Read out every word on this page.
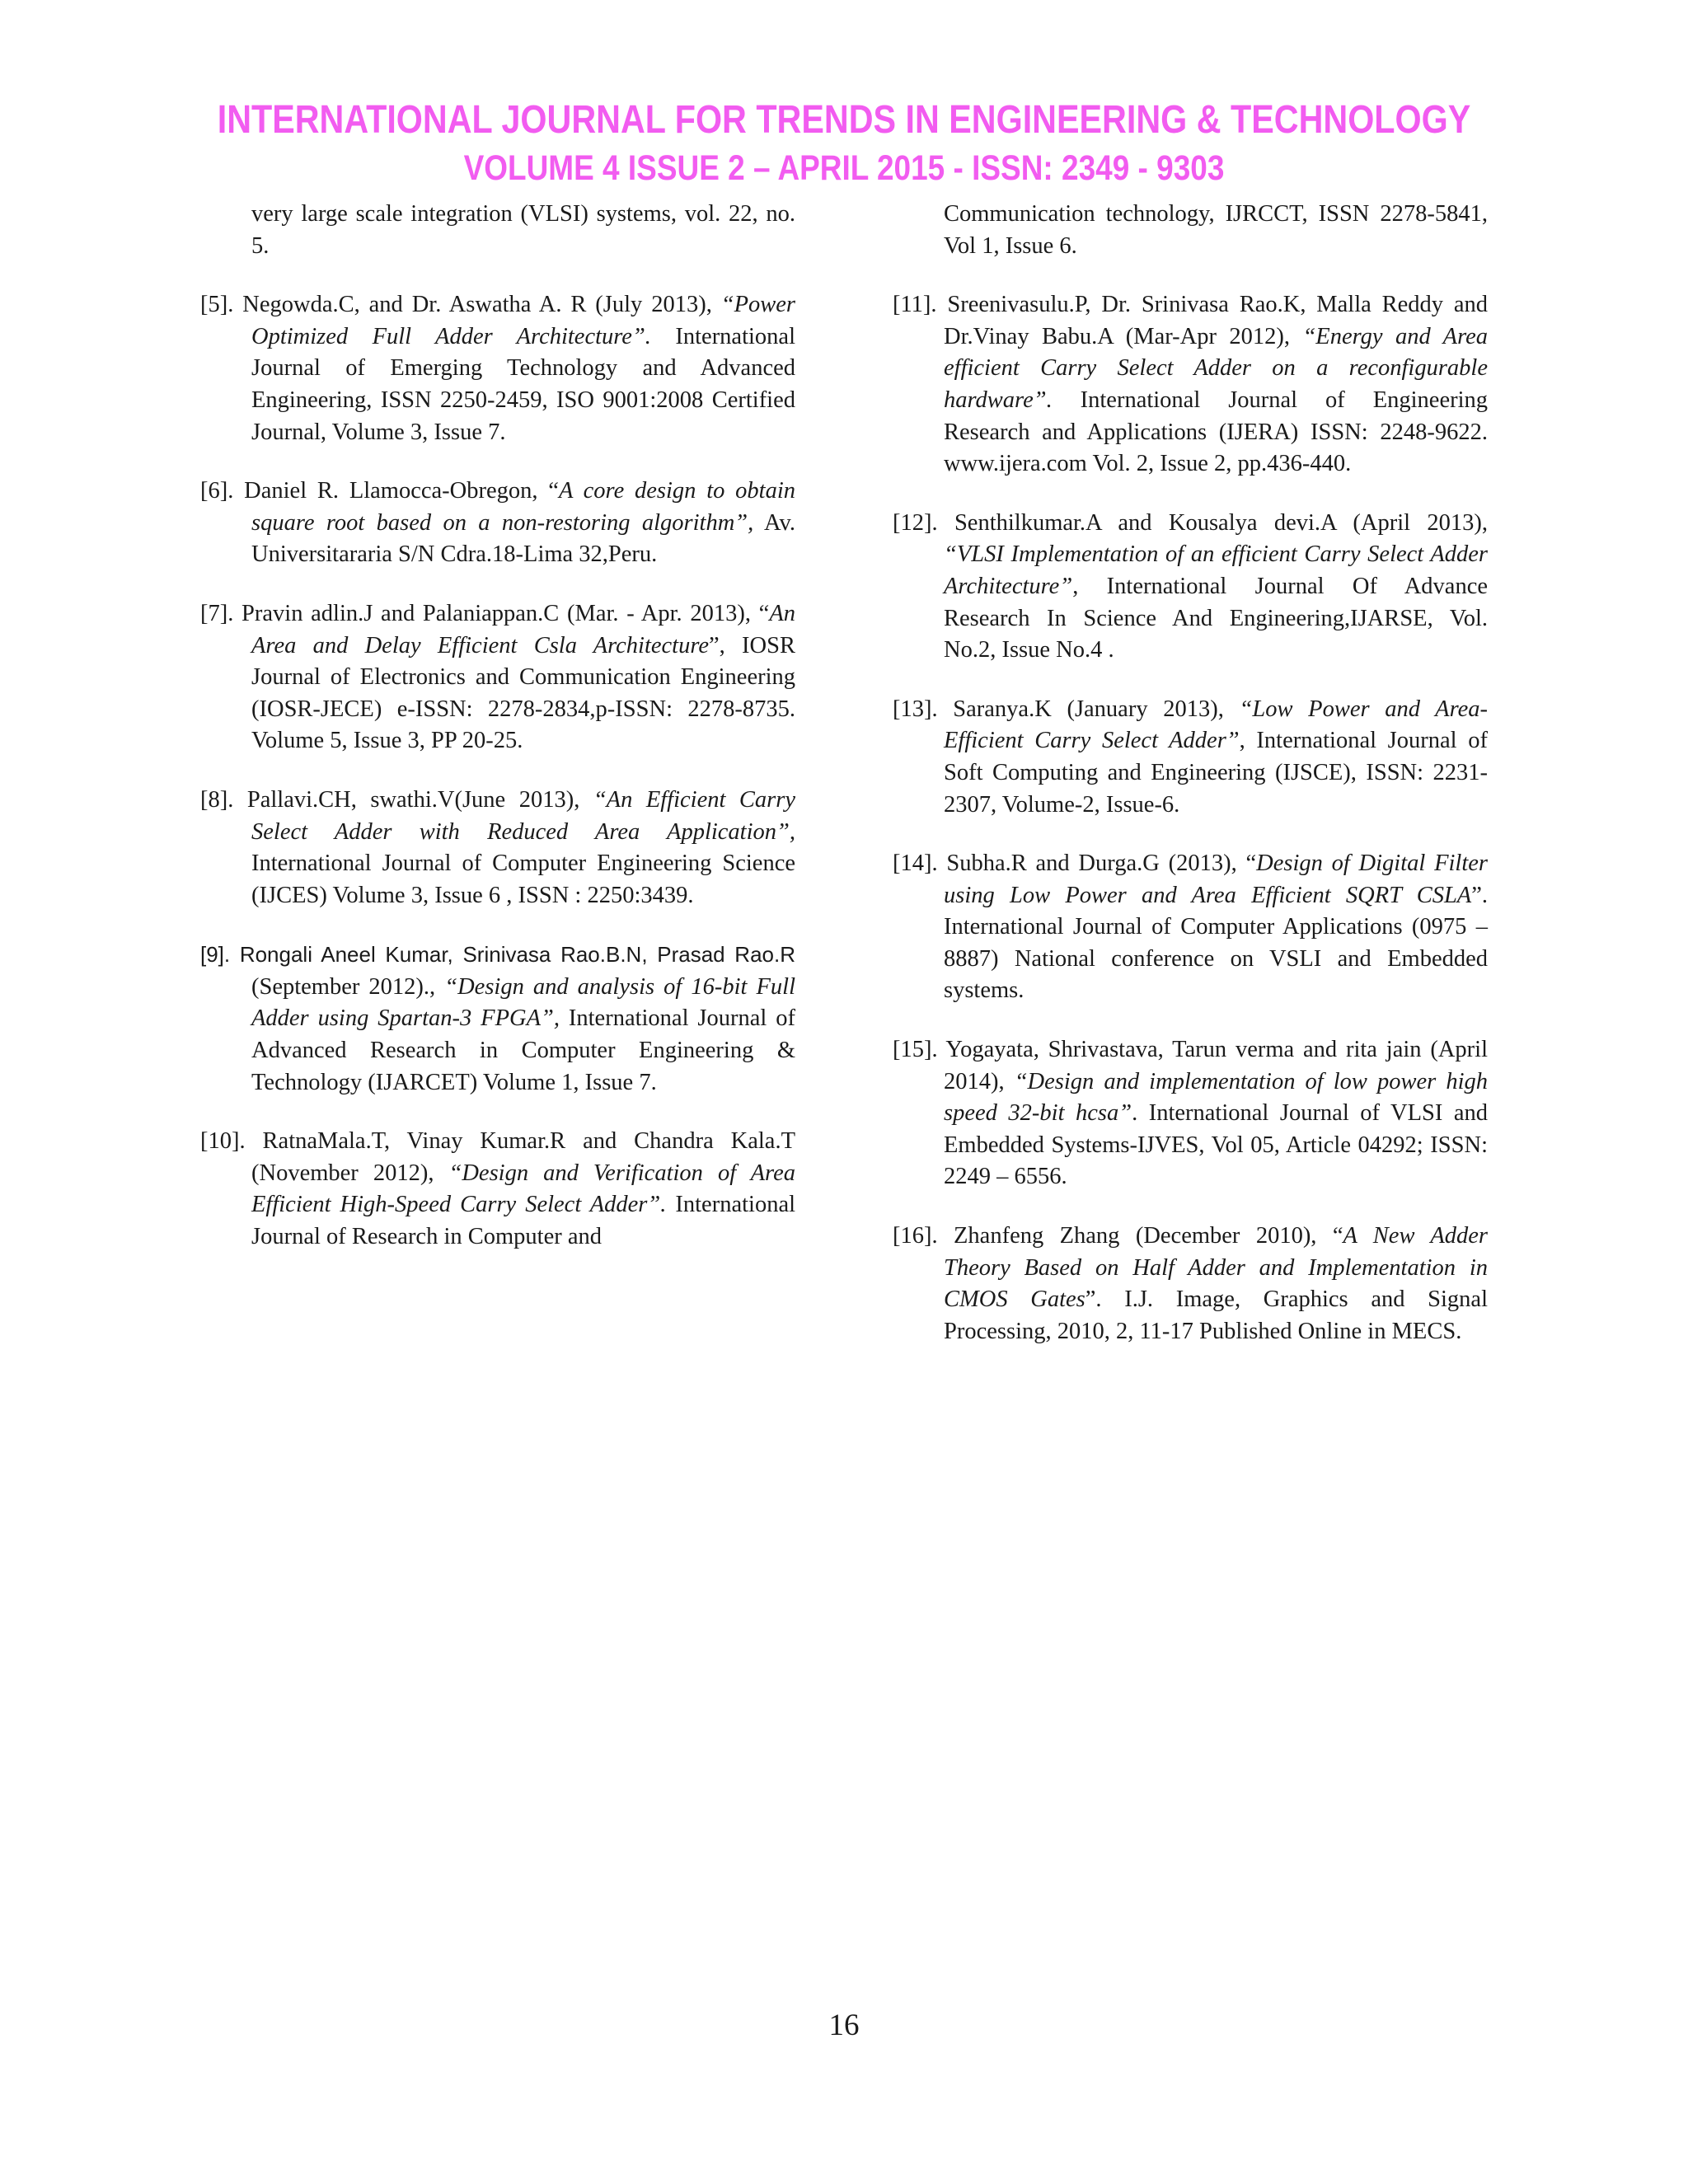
INTERNATIONAL JOURNAL FOR TRENDS IN ENGINEERING & TECHNOLOGY
VOLUME 4 ISSUE 2 – APRIL 2015 - ISSN: 2349 - 9303

very large scale integration (VLSI) systems, vol. 22, no. 5.

[5]. Negowda.C, and Dr. Aswatha A. R (July 2013), “Power Optimized Full Adder Architecture”. International Journal of Emerging Technology and Advanced Engineering, ISSN 2250-2459, ISO 9001:2008 Certified Journal, Volume 3, Issue 7.

[6]. Daniel R. Llamocca-Obregon, “A core design to obtain square root based on a non-restoring algorithm”, Av. Universitararia S/N Cdra.18-Lima 32,Peru.

[7]. Pravin adlin.J and Palaniappan.C (Mar. - Apr. 2013), “An Area and Delay Efficient Csla Architecture”, IOSR Journal of Electronics and Communication Engineering (IOSR-JECE) e-ISSN: 2278-2834,p-ISSN: 2278-8735. Volume 5, Issue 3, PP 20-25.

[8]. Pallavi.CH, swathi.V(June 2013), “An Efficient Carry Select Adder with Reduced Area Application”, International Journal of Computer Engineering Science (IJCES) Volume 3, Issue 6 , ISSN : 2250:3439.

[9]. Rongali Aneel Kumar, Srinivasa Rao.B.N, Prasad Rao.R (September 2012)., “Design and analysis of 16-bit Full Adder using Spartan-3 FPGA”, International Journal of Advanced Research in Computer Engineering & Technology (IJARCET) Volume 1, Issue 7.

[10]. RatnaMala.T, Vinay Kumar.R and Chandra Kala.T (November 2012), “Design and Verification of Area Efficient High-Speed Carry Select Adder”. International Journal of Research in Computer and

Communication technology, IJRCCT, ISSN 2278-5841, Vol 1, Issue 6.

[11]. Sreenivasulu.P, Dr. Srinivasa Rao.K, Malla Reddy and Dr.Vinay Babu.A (Mar-Apr 2012), “Energy and Area efficient Carry Select Adder on a reconfigurable hardware”. International Journal of Engineering Research and Applications (IJERA) ISSN: 2248-9622. www.ijera.com Vol. 2, Issue 2, pp.436-440.

[12]. Senthilkumar.A and Kousalya devi.A (April 2013), “VLSI Implementation of an efficient Carry Select Adder Architecture”, International Journal Of Advance Research In Science And Engineering,IJARSE, Vol. No.2, Issue No.4 .

[13]. Saranya.K (January 2013), “Low Power and Area-Efficient Carry Select Adder”, International Journal of Soft Computing and Engineering (IJSCE), ISSN: 2231-2307, Volume-2, Issue-6.

[14]. Subha.R and Durga.G (2013), “Design of Digital Filter using Low Power and Area Efficient SQRT CSLA”. International Journal of Computer Applications (0975 – 8887) National conference on VSLI and Embedded systems.

[15]. Yogayata, Shrivastava, Tarun verma and rita jain (April 2014), “Design and implementation of low power high speed 32-bit hcsa”. International Journal of VLSI and Embedded Systems-IJVES, Vol 05, Article 04292; ISSN: 2249 – 6556.

[16]. Zhanfeng Zhang (December 2010), “A New Adder Theory Based on Half Adder and Implementation in CMOS Gates”. I.J. Image, Graphics and Signal Processing, 2010, 2, 11-17 Published Online in MECS.

16
